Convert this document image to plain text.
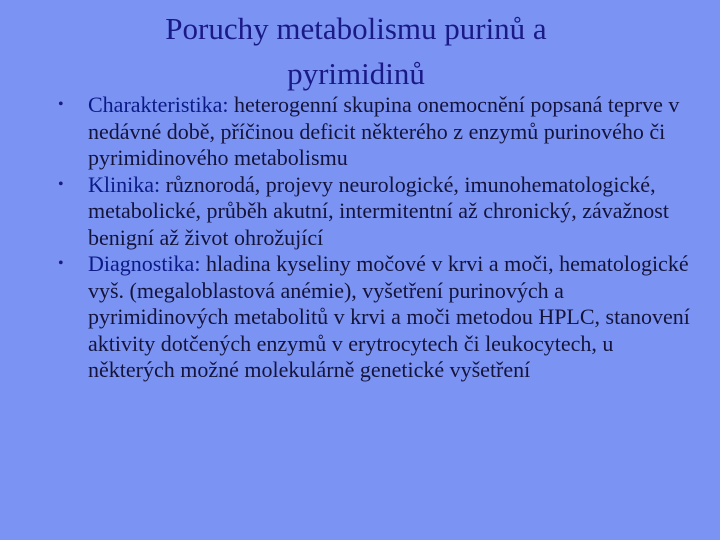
Poruchy metabolismu purinů a pyrimidinů
• Charakteristika: heterogenní skupina onemocnění popsaná teprve v nedávné době, příčinou deficit některého z enzymů purinového či pyrimidinového metabolismu
• Klinika: různorodá, projevy neurologické, imunohematologické, metabolické, průběh akutní, intermitentní až chronický, závažnost benigní až život ohrožující
• Diagnostika: hladina kyseliny močové v krvi a moči, hematologické vyš. (megaloblastová anémie), vyšetření purinových a pyrimidinových metabolitů v krvi a moči metodou HPLC, stanovení aktivity dotčených enzymů v erytrocytech či leukocytech, u některých možné molekulárně genetické vyšetření
